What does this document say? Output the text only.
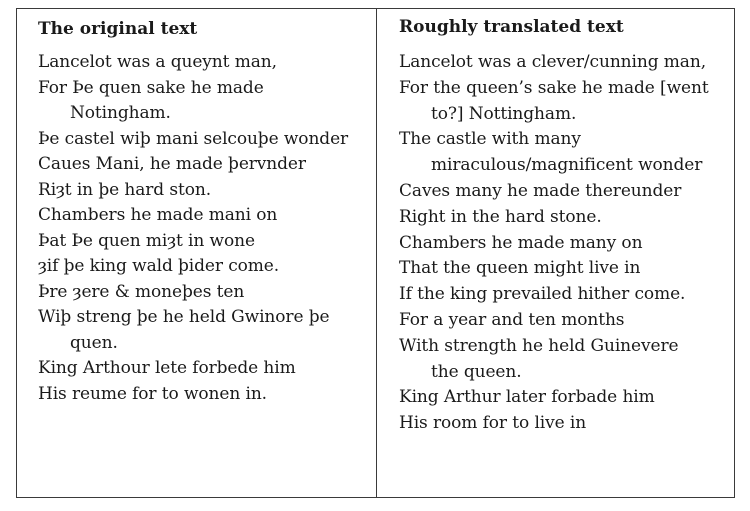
The original text
Lancelot was a queynt man,
For Þe quen sake he made
Notingham.
Þe castel wiþ mani selcouþe wonder
Caues Mani, he made þervnder
Riȝt in þe hard ston.
Chambers he made mani on
Þat Þe quen miȝt in wone
ȝif þe king wald þider come.
Þre ȝere & moneþes ten
Wiþ streng þe he held Gwinore þe
quen.
King Arthour lete forbede him
His reume for to wonen in.
Roughly translated text
Lancelot was a clever/cunning man,
For the queen’s sake he made [went
to?] Nottingham.
The castle with many
miraculous/magnificent wonder
Caves many he made thereunder
Right in the hard stone.
Chambers he made many on
That the queen might live in
If the king prevailed hither come.
For a year and ten months
With strength he held Guinevere
the queen.
King Arthur later forbade him
His room for to live in
